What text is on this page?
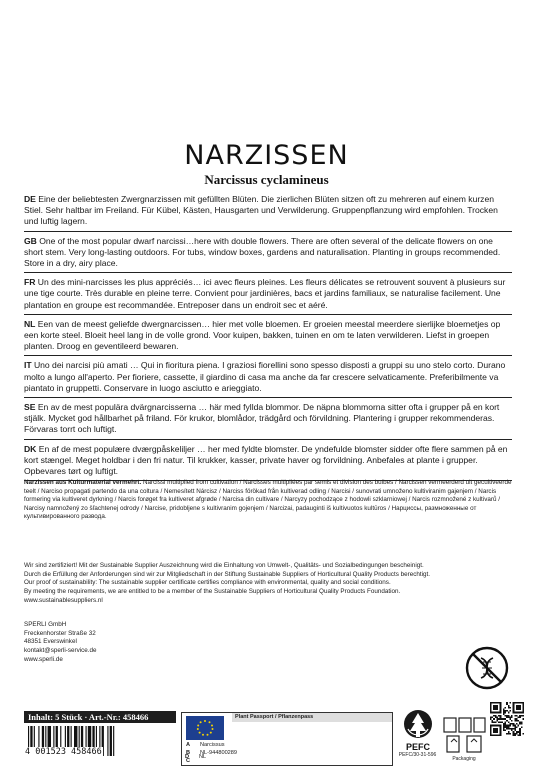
NARZISSEN
Narcissus cyclamineus
DE Eine der beliebtesten Zwergnarzissen mit gefüllten Blüten. Die zierlichen Blüten sitzen oft zu mehreren auf einem kurzen Stiel. Sehr haltbar im Freiland. Für Kübel, Kästen, Hausgarten und Verwilderung. Gruppenpflanzung wird empfohlen. Trocken und luftig lagern.
GB One of the most popular dwarf narcissi…here with double flowers. There are often several of the delicate flowers on one short stem. Very long-lasting outdoors. For tubs, window boxes, gardens and naturalisation. Planting in groups recommended. Store in a dry, airy place.
FR Un des mini-narcisses les plus appréciés… ici avec fleurs pleines. Les fleurs délicates se retrouvent souvent à plusieurs sur une tige courte. Très durable en pleine terre. Convient pour jardinières, bacs et jardins familiaux, se naturalise facilement. Une plantation en groupe est recommandée. Entreposer dans un endroit sec et aéré.
NL Een van de meest geliefde dwergnarcissen… hier met volle bloemen. Er groeien meestal meerdere sierlijke bloemetjes op een korte steel. Bloeit heel lang in de volle grond. Voor kuipen, bakken, tuinen en om te laten verwilderen. Liefst in groepen planten. Droog en geventileerd bewaren.
IT Uno dei narcisi più amati … Qui in fioritura piena. I graziosi fiorellini sono spesso disposti a gruppi su uno stelo corto. Durano molto a lungo all'aperto. Per fioriere, cassette, il giardino di casa ma anche da far crescere selvaticamente. Preferibilmente va piantato in gruppetti. Conservare in luogo asciutto e arieggiato.
SE En av de mest populära dvärgnarcisserna … här med fyllda blommor. De näpna blommorna sitter ofta i grupper på en kort stjälk. Mycket god hållbarhet på friland. För krukor, blomlådor, trädgård och förvildning. Plantering i grupper rekommenderas. Förvaras torrt och luftigt.
DK En af de mest populære dværgpåskeliljer … her med fyldte blomster. De yndefulde blomster sidder ofte flere sammen på en kort stængel. Meget holdbar i den fri natur. Til krukker, kasser, private haver og forvildning. Anbefales at plante i grupper. Opbevares tørt og luftigt.
Narzissen aus Kulturmaterial vermehrt. Narcissi multiplied from cultivation / Narcisses multipliées par semis et division des bulbes / Narcissen vermeerderd uit gecultiveerde teelt / Narciso propagati partendo da una coltura / Nemesített Nárcisz / Narciss förökad från kultiverad odling / Narcisi / sunovrati umnoženo kultiviranim gajenjem / Narcis formering via kultiveret dyrkning / Narcis forøget fra kultiveret afgrøde / Narcisa din cultivare / Narcyzy pochodzące z hodowli szklarniowej / Narcis rozmnožené z kultivarů / Narcisy namnožený zo šľachtenej odrody / Narcise, pridobljene s kultivranim gojenjem / Narcizai, padauginti iš kultivuotos kultūros / Нарциссы, размноженные от культивированного развода.
Wir sind zertifiziert! Mit der Sustainable Supplier Auszeichnung wird die Einhaltung von Umwelt-, Qualitäts- und Sozialbedingungen bescheinigt.
Durch die Erfüllung der Anforderungen sind wir zur Mitgliedschaft in der Stiftung Sustainable Suppliers of Horticultural Quality Products berechtigt.
Our proof of sustainability: The sustainable supplier certificate certifies compliance with environmental, quality and social conditions.
By meeting the requirements, we are entitled to be a member of the Sustainable Suppliers of Horticultural Quality Products Foundation.
www.sustainablesuppliers.nl
SPERLI GmbH
Freckenhorster Straße 32
48351 Everswinkel
kontakt@sperli-service.de
www.sperli.de
Inhalt: 5 Stück · Art.-Nr.: 458466
4 001523 458466
Plant Passport / Pflanzenpass
A Narcissus
B NL-944800289
C
D NL
PEFC
PEFC/30-31-596
Packaging
